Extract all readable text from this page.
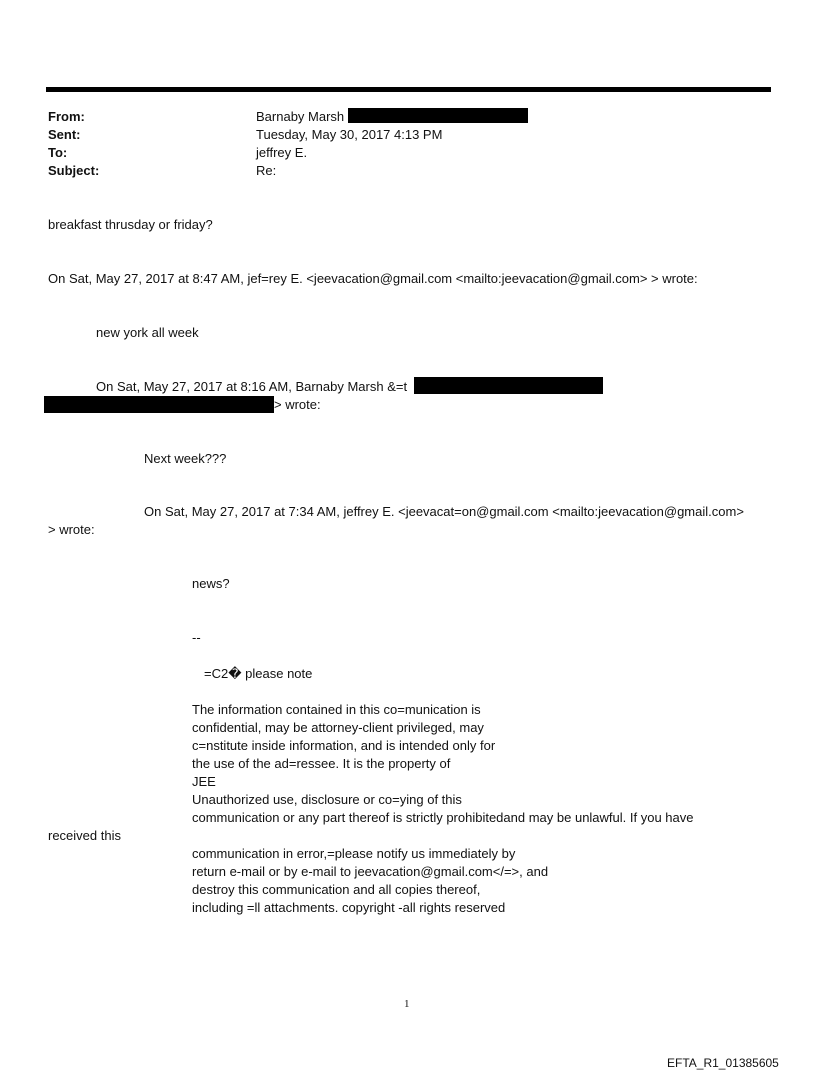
From:	Barnaby Marsh
Sent:	Tuesday, May 30, 2017 4:13 PM
To:	jeffrey E.
Subject:	Re:
breakfast thrusday or friday?
On Sat, May 27, 2017 at 8:47 AM, jef=rey E. <jeevacation@gmail.com <mailto:jeevacation@gmail.com> > wrote:
new york all week
On Sat, May 27, 2017 at 8:16 AM, Barnaby Marsh &=t
> wrote:
Next week???
On Sat, May 27, 2017 at 7:34 AM, jeffrey E. <jeevacat=on@gmail.com <mailto:jeevacation@gmail.com>
> wrote:
news?
--
=C2� please note
The information contained in this co=munication is
confidential, may be attorney-client privileged, may
c=nstitute inside information, and is intended only for
the use of the ad=ressee. It is the property of
JEE
Unauthorized use, disclosure or co=ying of this
communication or any part thereof is strictly prohibitedand may be unlawful. If you have
received this
communication in error,=please notify us immediately by
return e-mail or by e-mail to jeevacation@gmail.com</=>, and
destroy this communication and all copies thereof,
including =ll attachments. copyright -all rights reserved
1
EFTA_R1_01385605
